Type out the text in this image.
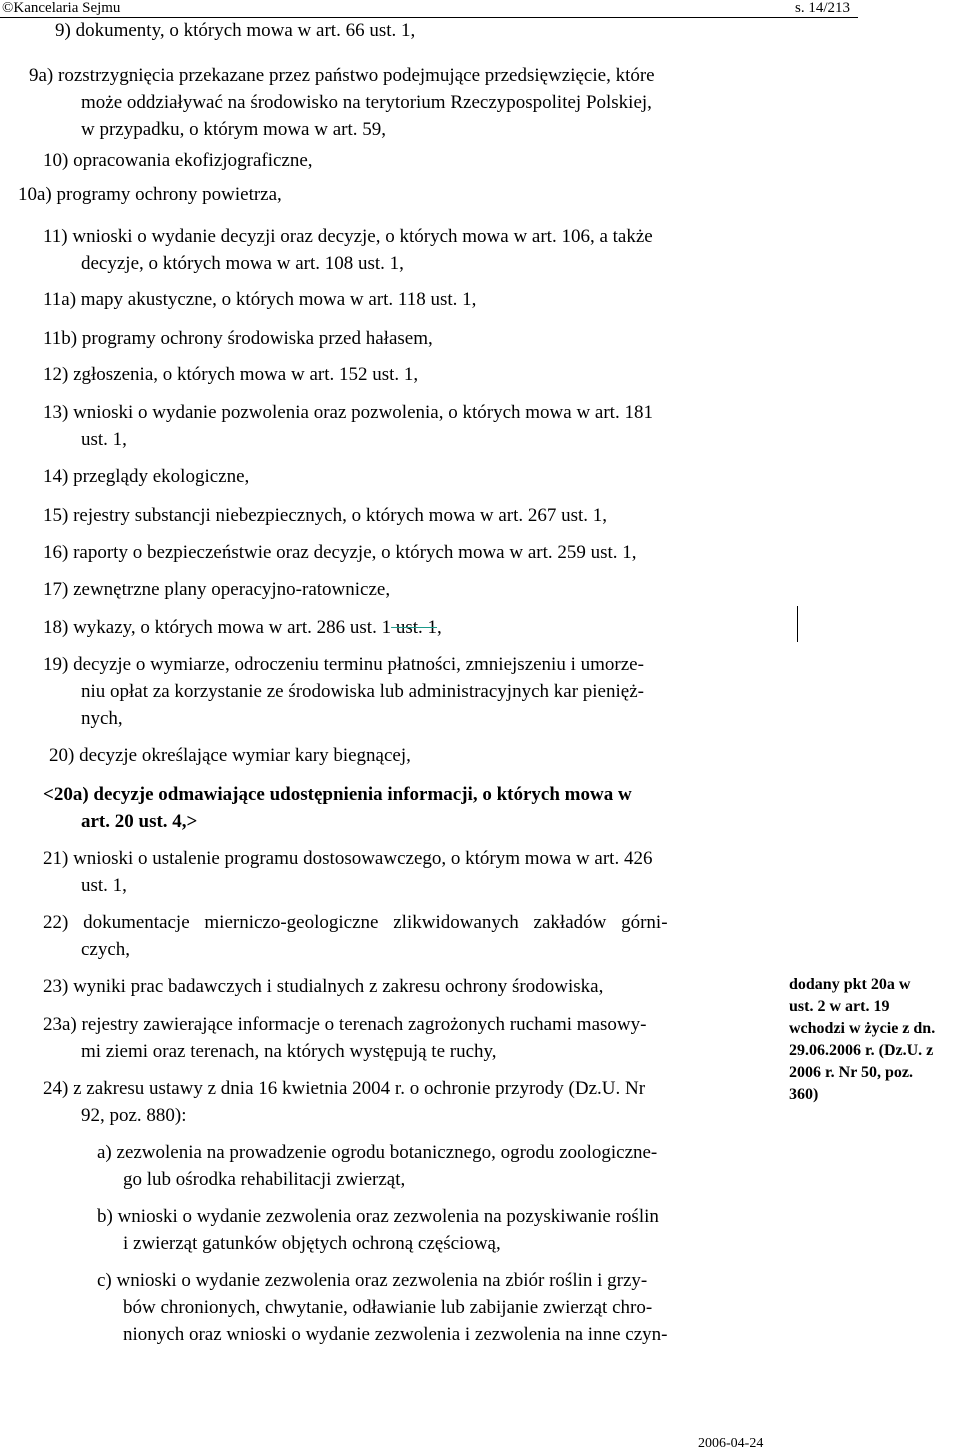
©Kancelaria Sejmu	s. 14/213

9) dokumenty, o których mowa w art. 66 ust. 1,

9a) rozstrzygnięcia przekazane przez państwo podejmujące przedsięwzięcie, które

może oddziaływać na środowisko na terytorium Rzeczypospolitej Polskiej,

w przypadku, o którym mowa w art. 59,

10) opracowania ekofizjograficzne,

10a) programy ochrony powietrza,

11) wnioski o wydanie decyzji oraz decyzje, o których mowa w art. 106, a także

decyzje, o których mowa w art. 108 ust. 1,

11a) mapy akustyczne, o których mowa w art. 118 ust. 1,

11b) programy ochrony środowiska przed hałasem,

12) zgłoszenia, o których mowa w art. 152 ust. 1,

13) wnioski o wydanie pozwolenia oraz pozwolenia, o których mowa w art. 181

ust. 1,

14) przeglądy ekologiczne,

15) rejestry substancji niebezpiecznych, o których mowa w art. 267 ust. 1,

16) raporty o bezpieczeństwie oraz decyzje, o których mowa w art. 259 ust. 1,

17) zewnętrzne plany operacyjno-ratownicze,

18) wykazy, o których mowa w art. 286 ust. 1 ust. 1,

19) decyzje o wymiarze, odroczeniu terminu płatności, zmniejszeniu i umorze-

niu opłat za korzystanie ze środowiska lub administracyjnych kar pienięż-

nych,

20) decyzje określające wymiar kary biegnącej,

<20a) decyzje odmawiające udostępnienia informacji, o których mowa w

art. 20 ust. 4,>

21) wnioski o ustalenie programu dostosowawczego, o którym mowa w art. 426

ust. 1,

22) dokumentacje mierniczo-geologiczne zlikwidowanych zakładów górni-

czych,

23) wyniki prac badawczych i studialnych z zakresu ochrony środowiska,

23a) rejestry zawierające informacje o terenach zagrożonych ruchami masowy-

mi ziemi oraz terenach, na których występują te ruchy,

24) z zakresu ustawy z dnia 16 kwietnia 2004 r. o ochronie przyrody (Dz.U. Nr

92, poz. 880):

a) zezwolenia na prowadzenie ogrodu botanicznego, ogrodu zoologiczne-

go lub ośrodka rehabilitacji zwierząt,

b) wnioski o wydanie zezwolenia oraz zezwolenia na pozyskiwanie roślin

i zwierząt gatunków objętych ochroną częściową,

c) wnioski o wydanie zezwolenia oraz zezwolenia na zbiór roślin i grzy-

bów chronionych, chwytanie, odławianie lub zabijanie zwierząt chro-

nionych oraz wnioski o wydanie zezwolenia i zezwolenia na inne czyn-

dodany pkt 20a w
ust. 2 w art. 19
wchodzi w życie z dn.
29.06.2006 r. (Dz.U. z
2006 r. Nr 50, poz.
360)
2006-04-24
